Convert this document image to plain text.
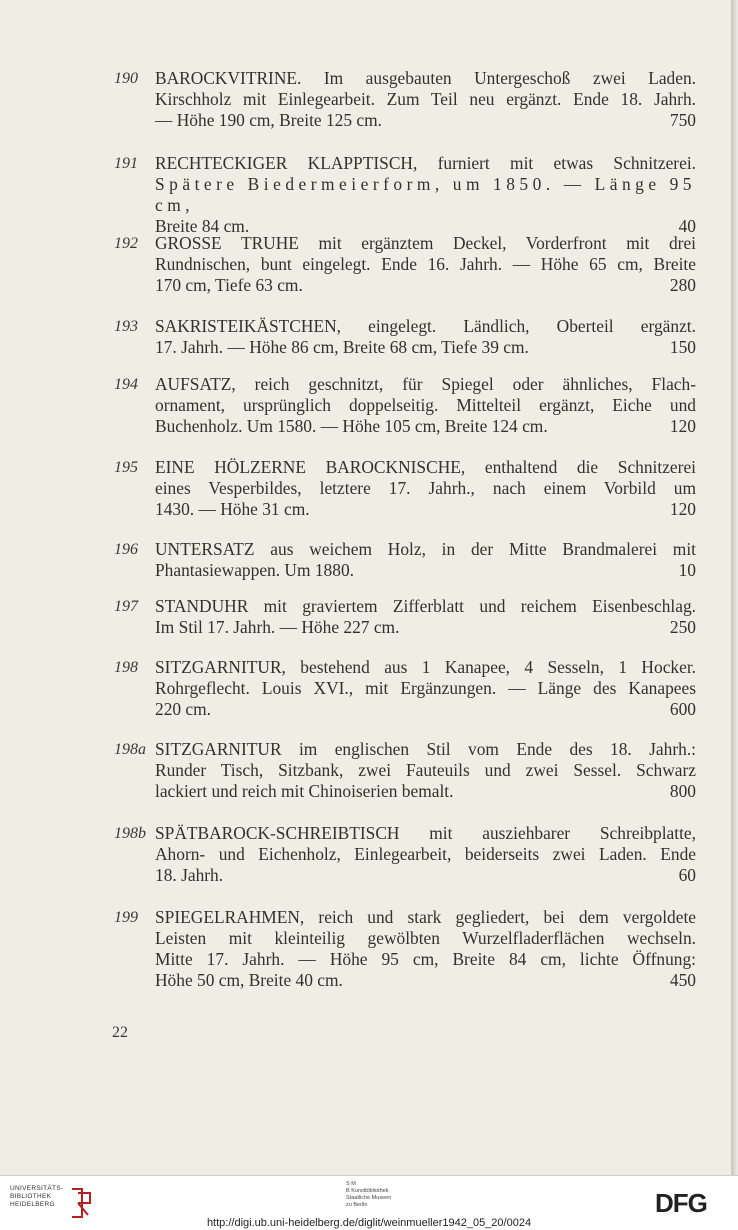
190 BAROCKVITRINE. Im ausgebauten Untergeschoß zwei Laden.
Kirschholz mit Einlegearbeit. Zum Teil neu ergänzt. Ende 18. Jahrh.
— Höhe 190 cm, Breite 125 cm.	750
191 RECHTECKIGER KLAPPTISCH, furniert mit etwas Schnitzerei.
Spätere Biedermeierform, um 1850. — Länge 95 cm,
Breite 84 cm.	40
192 GROSSE TRUHE mit ergänztem Deckel, Vorderfront mit drei
Rundnischen, bunt eingelegt. Ende 16. Jahrh. — Höhe 65 cm, Breite
170 cm, Tiefe 63 cm.	280
193 SAKRISTEIKÄSTCHEN, eingelegt. Ländlich, Oberteil ergänzt.
17. Jahrh. — Höhe 86 cm, Breite 68 cm, Tiefe 39 cm.	150
194 AUFSATZ, reich geschnitzt, für Spiegel oder ähnliches, Flach-
ornament, ursprünglich doppelseitig. Mittelteil ergänzt, Eiche und
Buchenholz. Um 1580. — Höhe 105 cm, Breite 124 cm.	120
195 EINE HÖLZERNE BAROCKNISCHE, enthaltend die Schnitzerei
eines Vesperbildes, letztere 17. Jahrh., nach einem Vorbild um
1430. — Höhe 31 cm.	120
196 UNTERSATZ aus weichem Holz, in der Mitte Brandmalerei mit
Phantasiewappen. Um 1880.	10
197 STANDUHR mit graviertem Zifferblatt und reichem Eisenbeschlag.
Im Stil 17. Jahrh. — Höhe 227 cm.	250
198 SITZGARNITUR, bestehend aus 1 Kanapee, 4 Sesseln, 1 Hocker.
Rohrgeflecht. Louis XVI., mit Ergänzungen. — Länge des Kanapees
220 cm.	600
198a SITZGARNITUR im englischen Stil vom Ende des 18. Jahrh.:
Runder Tisch, Sitzbank, zwei Fauteuils und zwei Sessel. Schwarz
lackiert und reich mit Chinoiserien bemalt.	800
198b SPÄTBAROCK-SCHREIBTISCH mit ausziehbarer Schreibplatte,
Ahorn- und Eichenholz, Einlegearbeit, beiderseits zwei Laden. Ende
18. Jahrh.	60
199 SPIEGELRAHMEN, reich und stark gegliedert, bei dem vergoldete
Leisten mit kleinteilig gewölbten Wurzelfladerflächen wechseln.
Mitte 17. Jahrh. — Höhe 95 cm, Breite 84 cm, lichte Öffnung:
Höhe 50 cm, Breite 40 cm.	450
22
UNIVERSITÄTS-
BIBLIOTHEK
HEIDELBERG
S M
B Kunstbibliothek
Staatliche Museen
zu Berlin	DFG
http://digi.ub.uni-heidelberg.de/diglit/weinmueller1942_05_20/0024
